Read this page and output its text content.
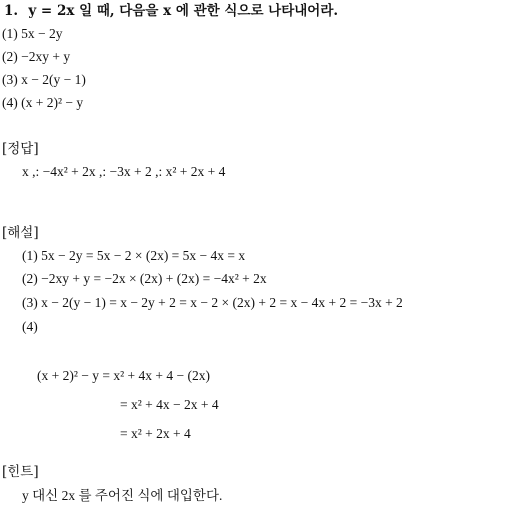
1. y = 2x 일 때, 다음을 x 에 관한 식으로 나타내어라.
(1) 5x − 2y
(2) −2xy + y
(3) x − 2(y − 1)
(4) (x + 2)² − y
[정답]
x ,: −4x² + 2x ,: −3x + 2 ,: x² + 2x + 4
[해설]
(1) 5x − 2y = 5x − 2 × (2x) = 5x − 4x = x
(2) −2xy + y = −2x × (2x) + (2x) = −4x² + 2x
(3) x − 2(y − 1) = x − 2y + 2 = x − 2 × (2x) + 2 = x − 4x + 2 = −3x + 2
(4)
(x + 2)² − y = x² + 4x + 4 − (2x)
= x² + 4x − 2x + 4
= x² + 2x + 4
[힌트]
y 대신 2x 를 주어진 식에 대입한다.
